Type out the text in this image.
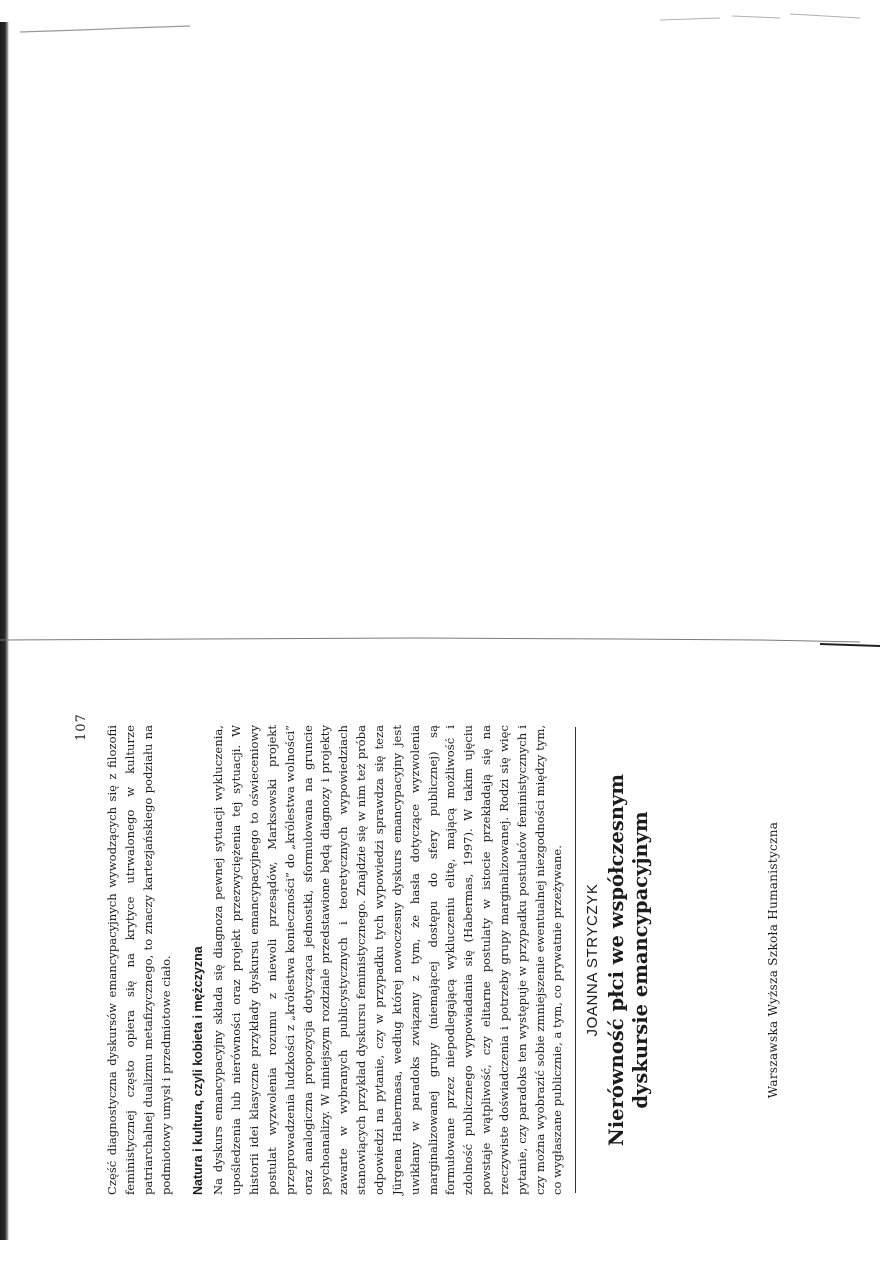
107	Na dyskurs emancypacyjny składa się diagnoza pewnej sytuacji wykluczenia, upośledzenia lub nierówności oraz projekt przezwyciężenia tej sytuacji. W historii idei klasyczne przykłady dyskursu emancypacyjnego to oświeceniowy postulat wyzwolenia rozumu z niewoli przesądów, Marksowski projekt przeprowadzenia ludzkości z „królestwa konieczności” do „królestwa wolności” oraz analogiczna propozycja dotycząca jednostki, sformułowana na gruncie psychoanalizy. W niniejszym rozdziale przedstawione będą diagnozy i projekty zawarte w wybranych publicystycznych i teoretycznych wypowiedziach stanowiących przykład dyskursu feministycznego. Znajdzie się w nim też próba odpowiedzi na pytanie, czy w przypadku tych wypowiedzi sprawdza się teza Jürgena Habermasa, według której nowoczesny dyskurs emancypacyjny jest uwikłany w paradoks związany z tym, że hasła dotyczące wyzwolenia marginalizowanej grupy (niemającej dostępu do sfery publicznej) są formułowane przez niepodlegającą wykluczeniu elitę, mającą możliwość i zdolność publicznego wypowiadania się (Habermas, 1997). W takim ujęciu powstaje wątpliwość, czy elitarne postulaty w istocie przekładają się na rzeczywiste doświadczenia i potrzeby grupy marginalizowanej. Rodzi się więc pytanie, czy paradoks ten występuje w przypadku postulatów feministycznych i czy można wyobrazić sobie zmniejszenie ewentualnej niezgodności między tym, co wygłaszane publicznie, a tym, co prywatnie przeżywane.

Natura i kultura, czyli kobieta i mężczyzna

Część diagnostyczna dyskursów emancypacyjnych wywodzących się z filozofii feministycznej często opiera się na krytyce utrwalonego w kulturze patriarchalnej dualizmu metafizycznego, to znaczy kartezjańskiego podziału na podmiotowy umysł i przedmiotowe ciało.	JOANNA STRYCZYK Nierówność płci we współczesnym
dyskursie emancypacyjnym	Warszawska Wyższa Szkoła Humanistyczna
